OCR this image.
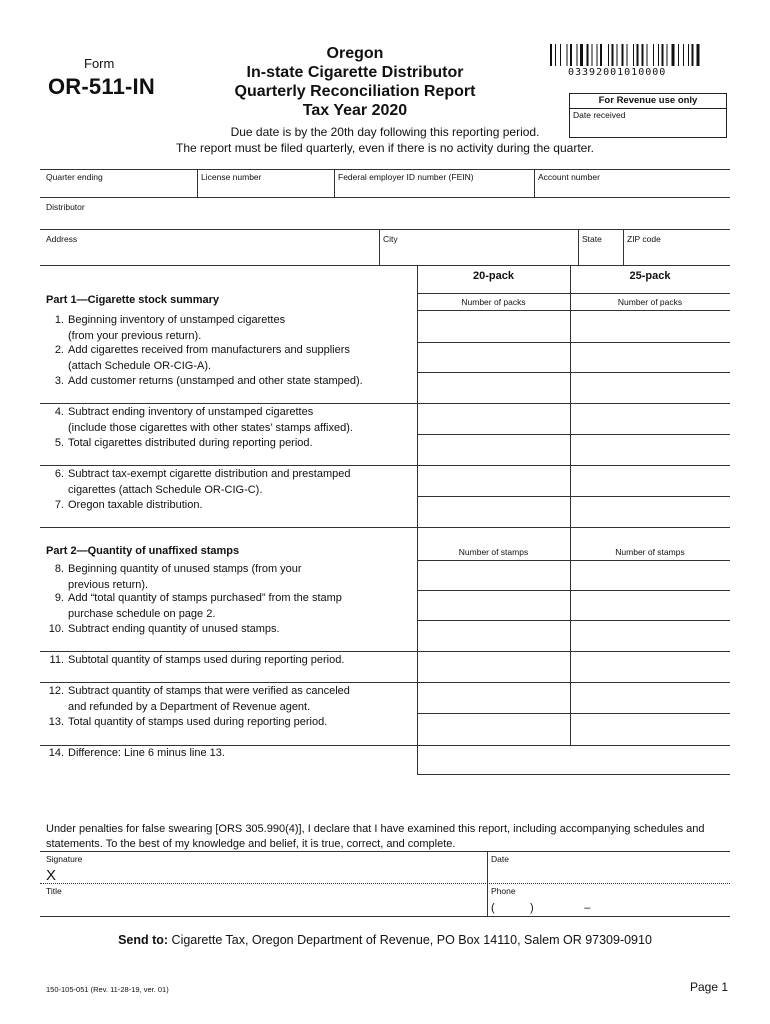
Form
OR-511-IN
Oregon
In-state Cigarette Distributor
Quarterly Reconciliation Report
Tax Year 2020
03392001010000
For Revenue use only
Date received
Due date is by the 20th day following this reporting period.
The report must be filed quarterly, even if there is no activity during the quarter.
Quarter ending	License number	Federal employer ID number (FEIN)	Account number
Distributor
Address	City	State	ZIP code
20-pack	25-pack
Number of packs	Number of packs
Part 1—Cigarette stock summary
1. Beginning inventory of unstamped cigarettes
(from your previous return).
2. Add cigarettes received from manufacturers and suppliers
(attach Schedule OR-CIG-A).
3. Add customer returns (unstamped and other state stamped).
4. Subtract ending inventory of unstamped cigarettes
(include those cigarettes with other states’ stamps affixed).
5. Total cigarettes distributed during reporting period.
6. Subtract tax-exempt cigarette distribution and prestamped
cigarettes (attach Schedule OR-CIG-C).
7. Oregon taxable distribution.
Part 2—Quantity of unaffixed stamps	Number of stamps	Number of stamps
8. Beginning quantity of unused stamps (from your
previous return).
9. Add “total quantity of stamps purchased” from the stamp
purchase schedule on page 2.
10. Subtract ending quantity of unused stamps.
11. Subtotal quantity of stamps used during reporting period.
12. Subtract quantity of stamps that were verified as canceled
and refunded by a Department of Revenue agent.
13. Total quantity of stamps used during reporting period.
14. Difference: Line 6 minus line 13.
Under penalties for false swearing [ORS 305.990(4)], I declare that I have examined this report, including accompanying schedules and statements. To the best of my knowledge and belief, it is true, correct, and complete.
Signature	Date
X
Title	Phone
(       )          –
Send to: Cigarette Tax, Oregon Department of Revenue, PO Box 14110, Salem OR 97309-0910
150-105-051 (Rev. 11-28-19, ver. 01)	Page 1
